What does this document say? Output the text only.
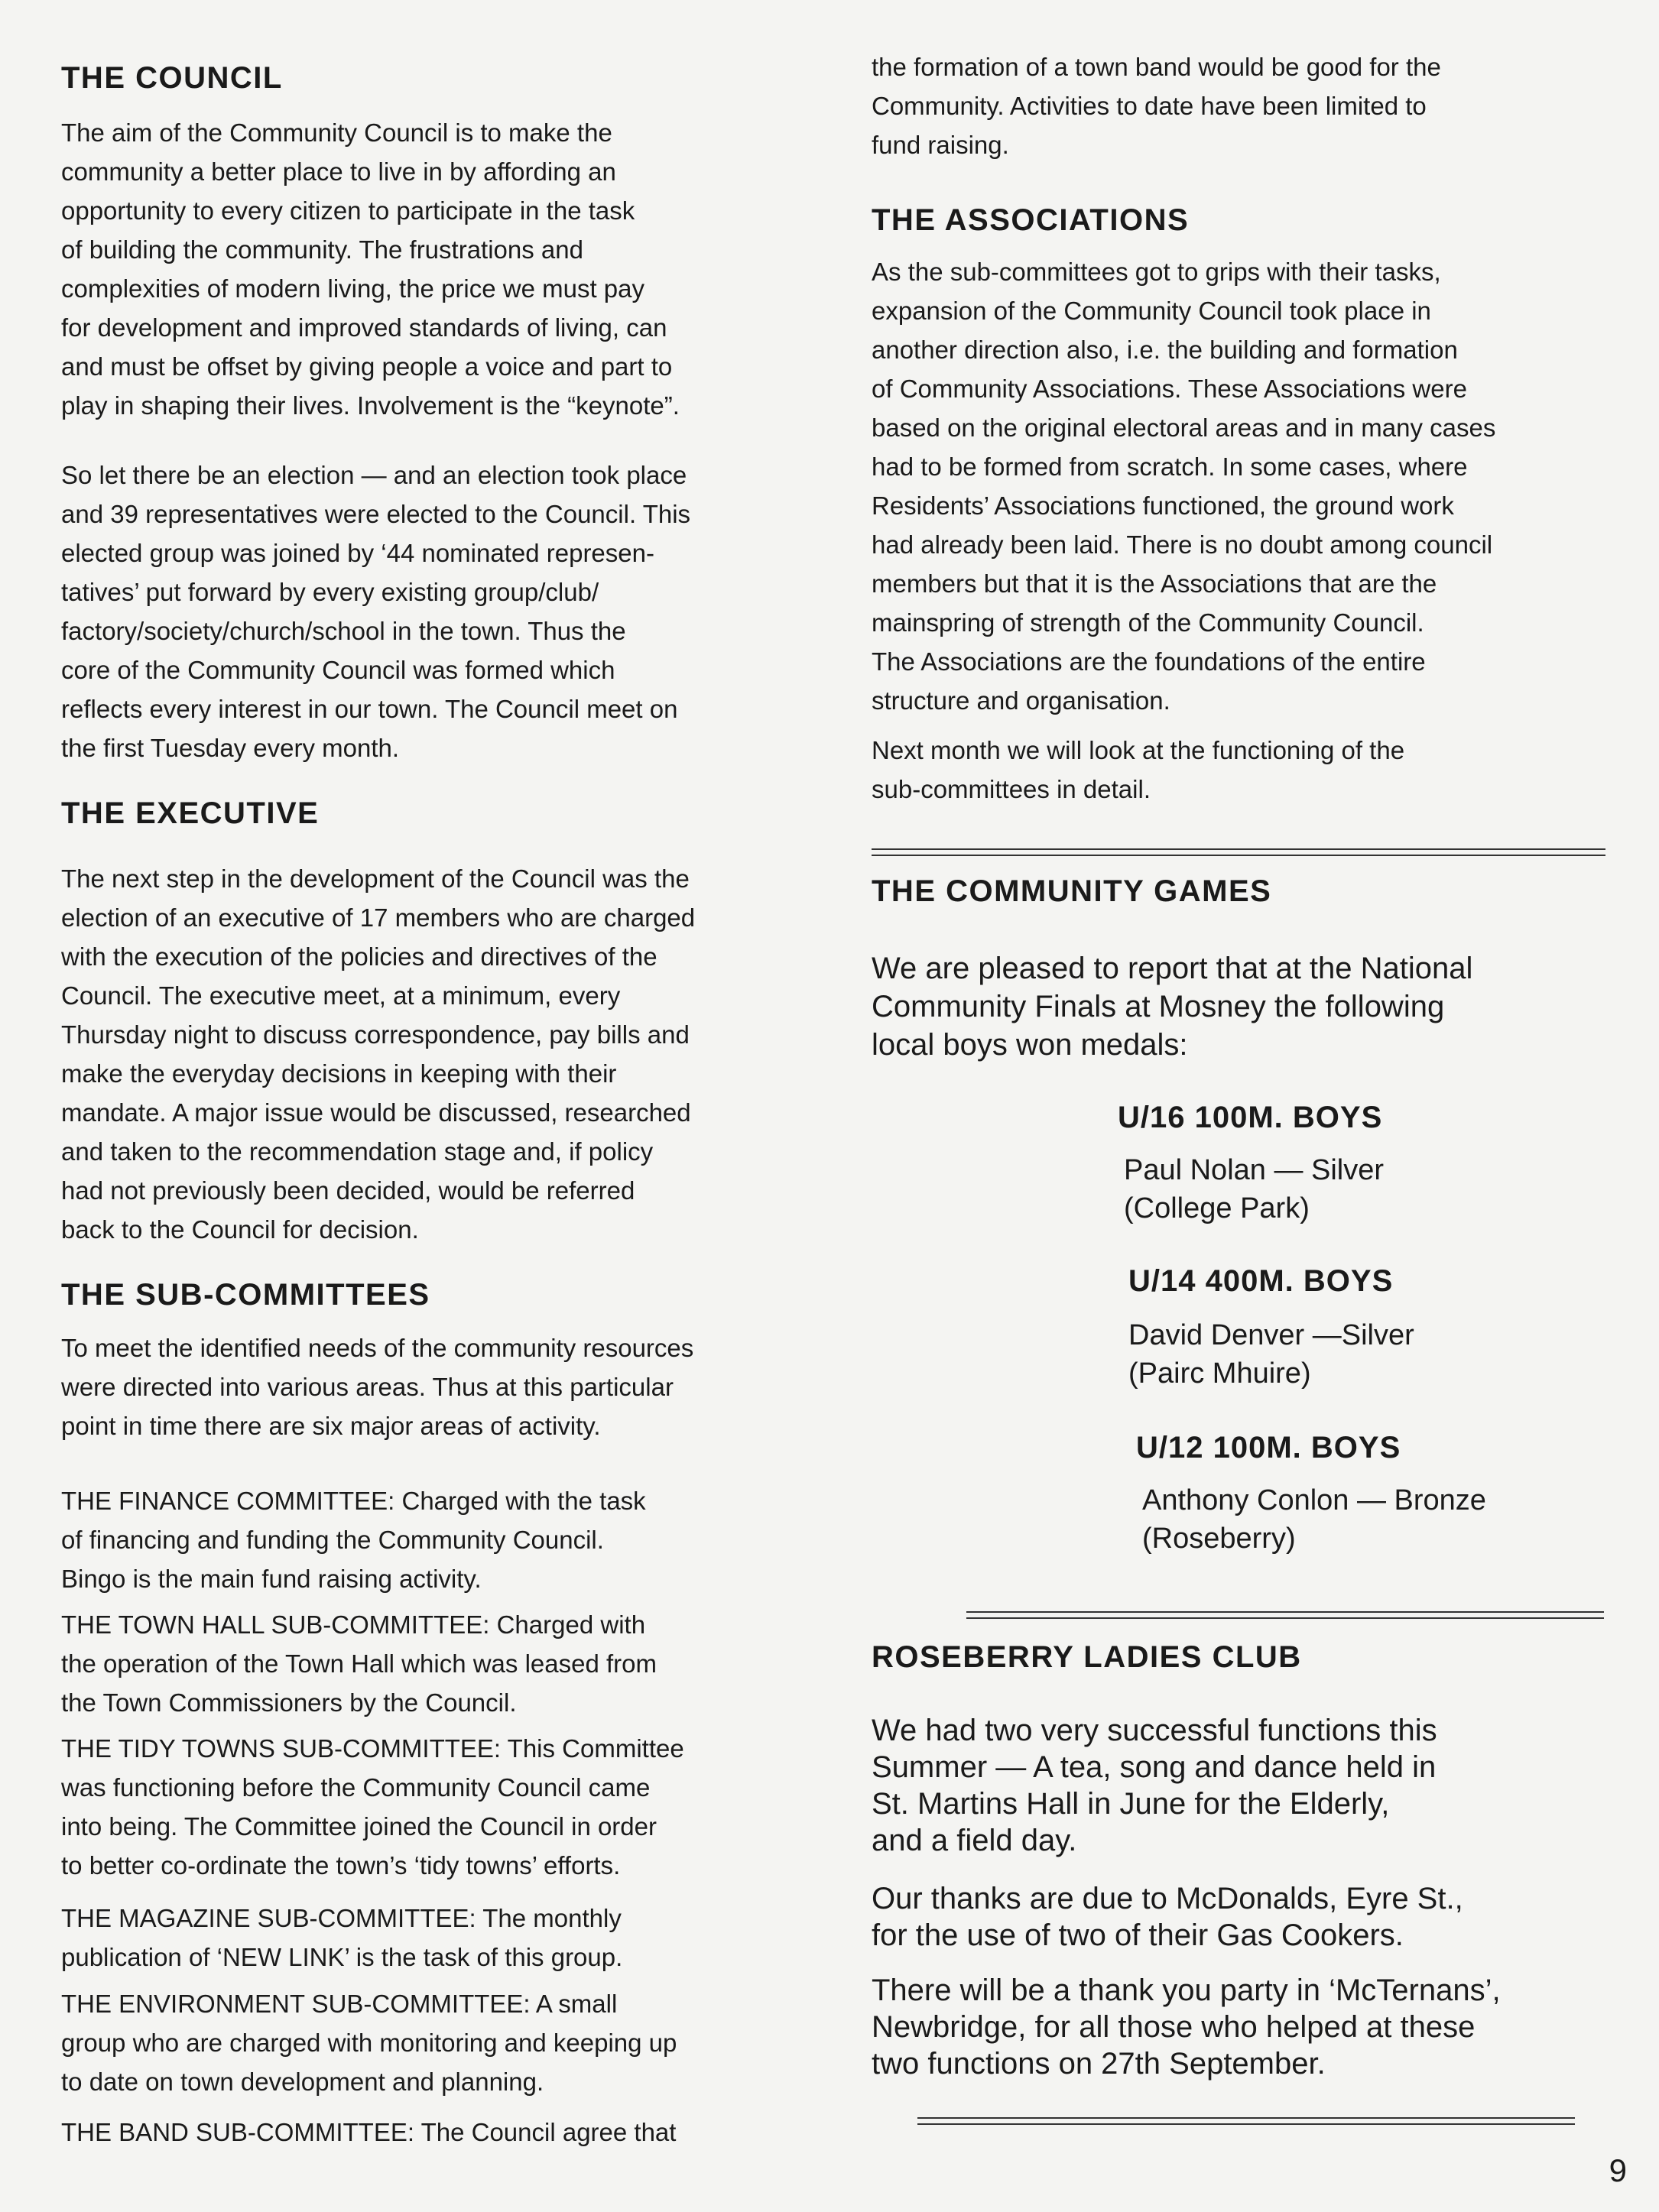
THE COUNCIL
The aim of the Community Council is to make the
community a better place to live in by affording an
opportunity to every citizen to participate in the task
of building the community. The frustrations and
complexities of modern living, the price we must pay
for development and improved standards of living, can
and must be offset by giving people a voice and part to
play in shaping their lives. Involvement is the “keynote”.
So let there be an election — and an election took place
and 39 representatives were elected to the Council. This
elected group was joined by ‘44 nominated represen-
tatives’ put forward by every existing group/club/
factory/society/church/school in the town. Thus the
core of the Community Council was formed which
reflects every interest in our town. The Council meet on
the first Tuesday every month.
THE EXECUTIVE
The next step in the development of the Council was the
election of an executive of 17 members who are charged
with the execution of the policies and directives of the
Council. The executive meet, at a minimum, every
Thursday night to discuss correspondence, pay bills and
make the everyday decisions in keeping with their
mandate. A major issue would be discussed, researched
and taken to the recommendation stage and, if policy
had not previously been decided, would be referred
back to the Council for decision.
THE SUB-COMMITTEES
To meet the identified needs of the community resources
were directed into various areas. Thus at this particular
point in time there are six major areas of activity.
THE FINANCE COMMITTEE: Charged with the task
of financing and funding the Community Council.
Bingo is the main fund raising activity.
THE TOWN HALL SUB-COMMITTEE: Charged with
the operation of the Town Hall which was leased from
the Town Commissioners by the Council.
THE TIDY TOWNS SUB-COMMITTEE: This Committee
was functioning before the Community Council came
into being. The Committee joined the Council in order
to better co-ordinate the town’s ‘tidy towns’ efforts.
THE MAGAZINE SUB-COMMITTEE: The monthly
publication of ‘NEW LINK’ is the task of this group.
THE ENVIRONMENT SUB-COMMITTEE: A small
group who are charged with monitoring and keeping up
to date on town development and planning.
THE BAND SUB-COMMITTEE: The Council agree that
the formation of a town band would be good for the
Community. Activities to date have been limited to
fund raising.
THE ASSOCIATIONS
As the sub-committees got to grips with their tasks,
expansion of the Community Council took place in
another direction also, i.e. the building and formation
of Community Associations. These Associations were
based on the original electoral areas and in many cases
had to be formed from scratch. In some cases, where
Residents’ Associations functioned, the ground work
had already been laid. There is no doubt among council
members but that it is the Associations that are the
mainspring of strength of the Community Council.
The Associations are the foundations of the entire
structure and organisation.
Next month we will look at the functioning of the
sub-committees in detail.
THE COMMUNITY GAMES
We are pleased to report that at the National
Community Finals at Mosney the following
local boys won medals:
U/16 100M. BOYS
Paul Nolan — Silver
(College Park)
U/14 400M. BOYS
David Denver —Silver
(Pairc Mhuire)
U/12 100M. BOYS
Anthony Conlon — Bronze
(Roseberry)
ROSEBERRY LADIES CLUB
We had two very successful functions this
Summer — A tea, song and dance held in
St. Martins Hall in June for the Elderly,
and a field day.
Our thanks are due to McDonalds, Eyre St.,
for the use of two of their Gas Cookers.
There will be a thank you party in ‘McTernans’,
Newbridge, for all those who helped at these
two functions on 27th September.
9
